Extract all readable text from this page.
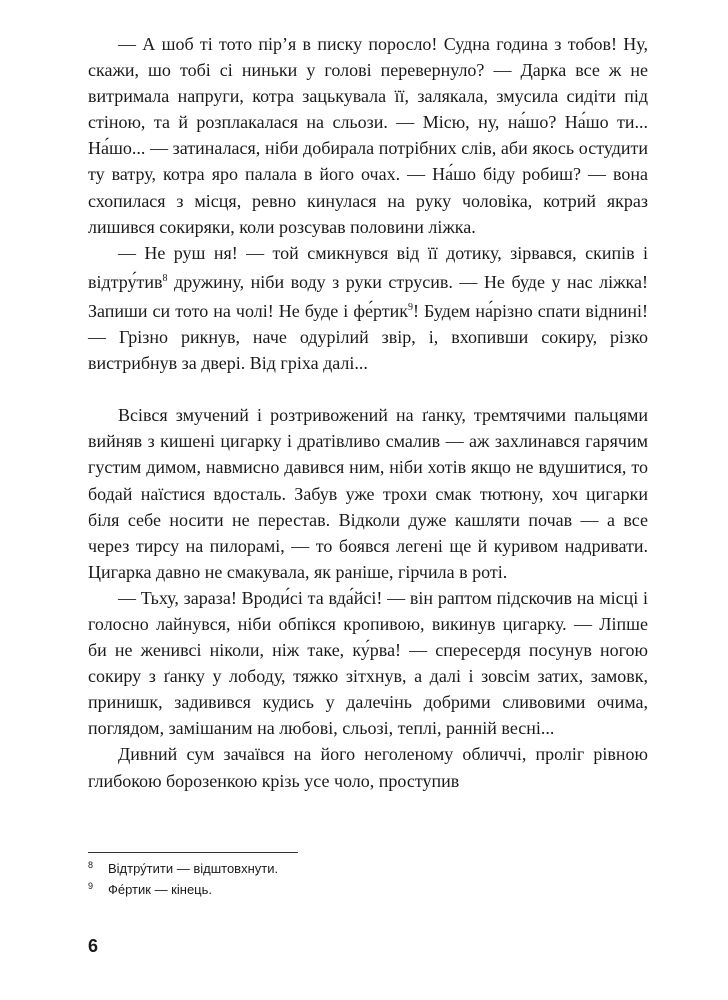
— А шоб ті тото пір’я в писку поросло! Судна година з тобов! Ну, скажи, шо тобі сі ниньки у голові перевернуло? — Дарка все ж не витримала напруги, котра зацькувала її, залякала, змусила сидіти під стіною, та й розплакалася на сльози. — Місю, ну, на́шо? На́шо ти... На́шо... — затиналася, ніби добирала потрібних слів, аби якось остудити ту ватру, котра яро палала в його очах. — На́шо біду робиш? — вона схопилася з місця, ревно кинулася на руку чоловіка, котрий якраз лишився сокиряки, коли розсував половини ліжка.

— Не руш ня! — той смикнувся від її дотику, зірвався, скипів і відтру́тив$^8$ дружину, ніби воду з руки струсив. — Не буде у нас ліжка! Запиши си тото на чолі! Не буде і фе́ртик$^9$! Будем на́різно спати віднині! — Грізно рикнув, наче одурілий звір, і, вхопивши сокиру, різко вистрибнув за двері. Від гріха далі...

Всівся змучений і розтривожений на ґанку, тремтячими пальцями вийняв з кишені цигарку і дратівливо смалив — аж захлинався гарячим густим димом, навмисно давився ним, ніби хотів якщо не вдушитися, то бодай наїстися вдосталь. Забув уже трохи смак тютюну, хоч цигарки біля себе носити не перестав. Відколи дуже кашляти почав — а все через тирсу на пилорамі, — то боявся легені ще й куривом надривати. Цигарка давно не смакувала, як раніше, гірчила в роті.

— Тьху, зараза! Вроди́сі та вда́йсі! — він раптом підскочив на місці і голосно лайнувся, ніби обпікся кропивою, викинув цигарку. — Ліпше би не женивсі ніколи, ніж таке, ку́рва! — спересердя посунув ногою сокиру з ґанку у лободу, тяжко зітхнув, а далі і зовсім затих, замовк, принишк, задивився кудись у далечінь добрими сливовими очима, поглядом, замішаним на любові, сльозі, теплі, ранній весні...

Дивний сум зачаївся на його неголеному обличчі, проліг рівною глибокою борозенкою крізь усе чоло, проступив

8 Відтру́тити — відштовхнути.
9 Фе́ртик — кінець.
6
